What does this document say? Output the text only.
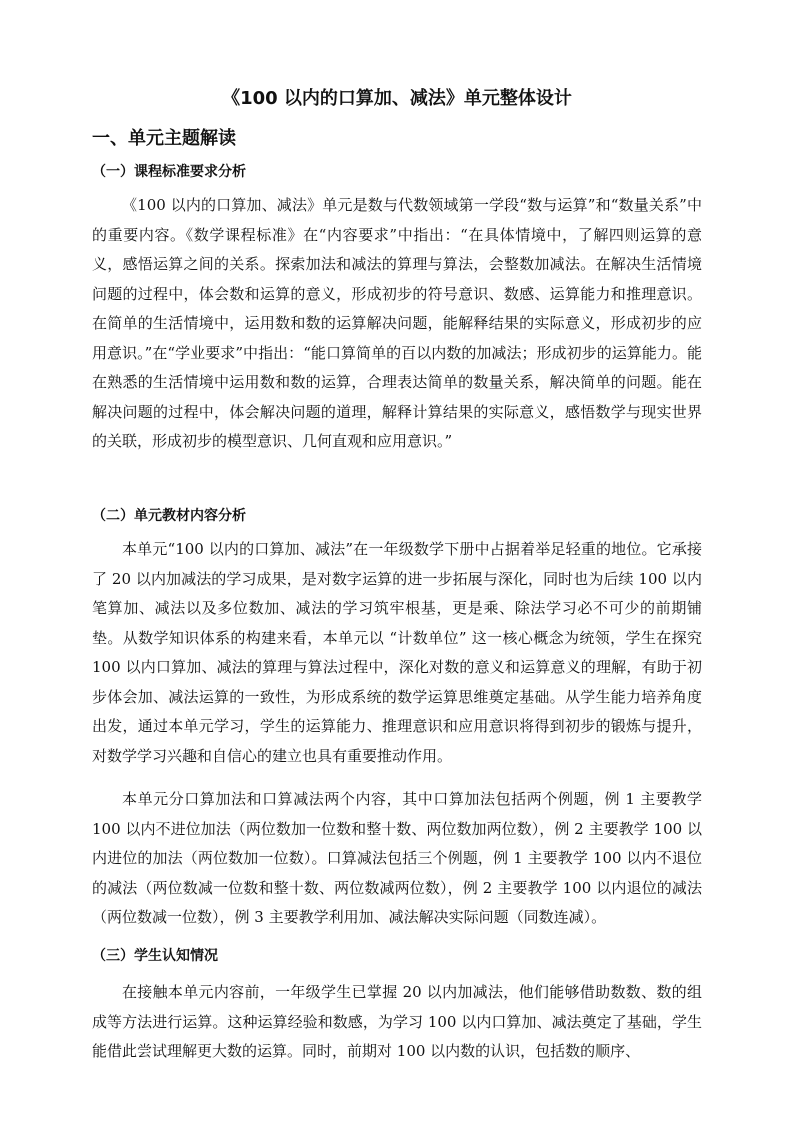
《100 以内的口算加、减法》单元整体设计
一、单元主题解读
（一）课程标准要求分析

《100 以内的口算加、减法》单元是数与代数领域第一学段“数与运算”和“数量关系”中的重要内容。《数学课程标准》在“内容要求”中指出：“在具体情境中，了解四则运算的意义，感悟运算之间的关系。探索加法和减法的算理与算法，会整数加减法。在解决生活情境问题的过程中，体会数和运算的意义，形成初步的符号意识、数感、运算能力和推理意识。在简单的生活情境中，运用数和数的运算解决问题，能解释结果的实际意义，形成初步的应用意识。”在“学业要求”中指出：“能口算简单的百以内数的加减法；形成初步的运算能力。能在熟悉的生活情境中运用数和数的运算，合理表达简单的数量关系，解决简单的问题。能在解决问题的过程中，体会解决问题的道理，解释计算结果的实际意义，感悟数学与现实世界的关联，形成初步的模型意识、几何直观和应用意识。”

（二）单元教材内容分析

本单元“100 以内的口算加、减法”在一年级数学下册中占据着举足轻重的地位。它承接了 20 以内加减法的学习成果，是对数字运算的进一步拓展与深化，同时也为后续 100 以内笔算加、减法以及多位数加、减法的学习筑牢根基，更是乘、除法学习必不可少的前期铺垫。从数学知识体系的构建来看，本单元以 “计数单位” 这一核心概念为统领，学生在探究 100 以内口算加、减法的算理与算法过程中，深化对数的意义和运算意义的理解，有助于初步体会加、减法运算的一致性，为形成系统的数学运算思维奠定基础。从学生能力培养角度出发，通过本单元学习，学生的运算能力、推理意识和应用意识将得到初步的锻炼与提升，对数学学习兴趣和自信心的建立也具有重要推动作用。

本单元分口算加法和口算减法两个内容，其中口算加法包括两个例题，例 1 主要教学 100 以内不进位加法（两位数加一位数和整十数、两位数加两位数），例 2 主要教学 100 以内进位的加法（两位数加一位数）。口算减法包括三个例题，例 1 主要教学 100 以内不退位的减法（两位数减一位数和整十数、两位数减两位数），例 2 主要教学 100 以内退位的减法（两位数减一位数），例 3 主要教学利用加、减法解决实际问题（同数连减）。

（三）学生认知情况

在接触本单元内容前，一年级学生已掌握 20 以内加减法，他们能够借助数数、数的组成等方法进行运算。这种运算经验和数感，为学习 100 以内口算加、减法奠定了基础，学生能借此尝试理解更大数的运算。同时，前期对 100 以内数的认识，包括数的顺序、
